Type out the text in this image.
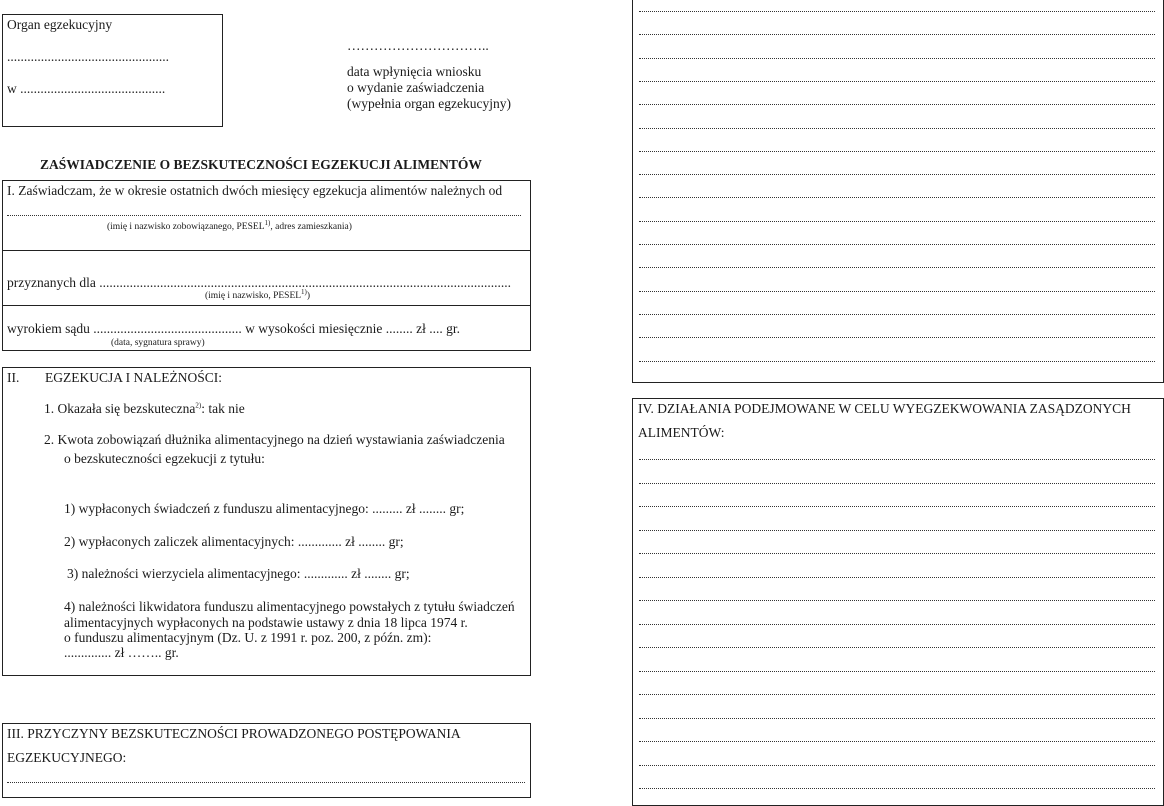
Organ egzekucyjny
................................................
w ...........................................
…………………………..
data wpłynięcia wniosku
o wydanie zaświadczenia
(wypełnia organ egzekucyjny)
ZAŚWIADCZENIE O BEZSKUTECZNOŚCI EGZEKUCJI ALIMENTÓW
I. Zaświadczam, że w okresie ostatnich dwóch miesięcy egzekucja alimentów należnych od
(imię i nazwisko zobowiązanego, PESEL$^{1)}$, adres zamieszkania)
przyznanych dla ..........................................................................................................................
(imię i nazwisko, PESEL$^{1)}$)
wyrokiem sądu ............................................ w wysokości miesięcznie ........ zł .... gr.
(data, sygnatura sprawy)
II. EGZEKUCJA I NALEŻNOŚCI:
1. Okazała się bezskuteczna$^{2)}$: tak nie
2. Kwota zobowiązań dłużnika alimentacyjnego na dzień wystawiania zaświadczenia
o bezskuteczności egzekucji z tytułu:
1) wypłaconych świadczeń z funduszu alimentacyjnego: ......... zł ........ gr;
2) wypłaconych zaliczek alimentacyjnych: ............. zł ........ gr;
3) należności wierzyciela alimentacyjnego: ............. zł ........ gr;
4) należności likwidatora funduszu alimentacyjnego powstałych z tytułu świadczeń
alimentacyjnych wypłaconych na podstawie ustawy z dnia 18 lipca 1974 r.
o funduszu alimentacyjnym (Dz. U. z 1991 r. poz. 200, z późn. zm):
.............. zł …….. gr.
III. PRZYCZYNY BEZSKUTECZNOŚCI PROWADZONEGO POSTĘPOWANIA
EGZEKUCYJNEGO:
IV. DZIAŁANIA PODEJMOWANE W CELU WYEGZEKWOWANIA ZASĄDZONYCH
ALIMENTÓW:
